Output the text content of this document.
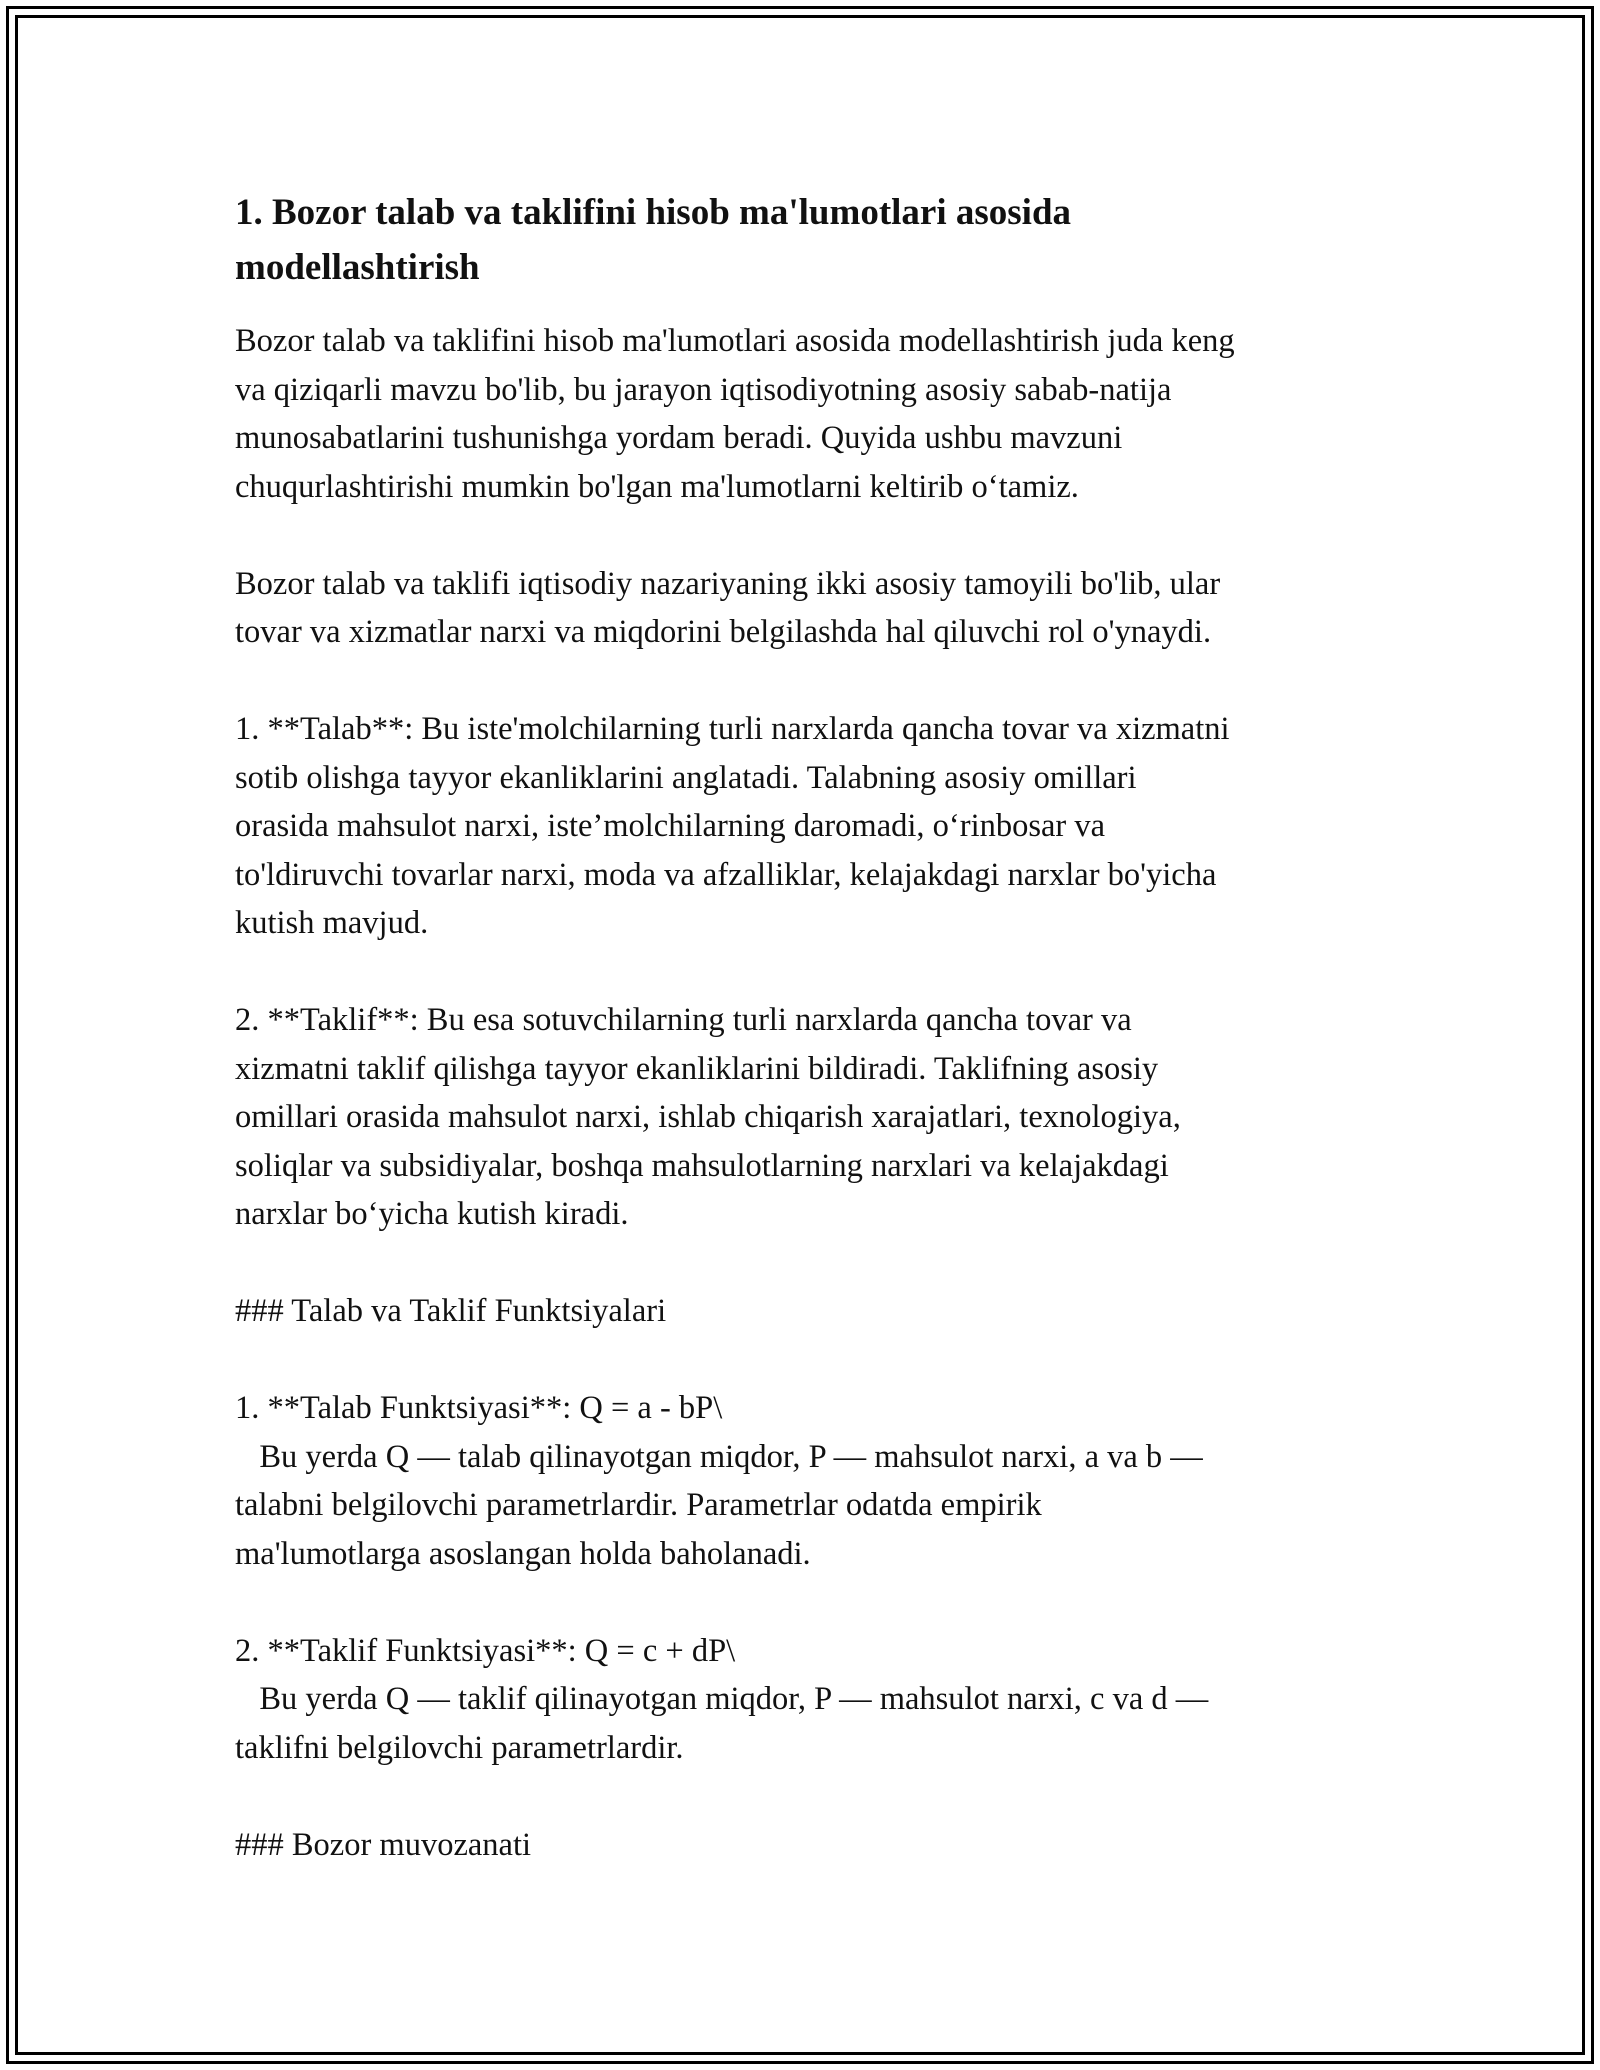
1. Bozor talab va taklifini hisob ma'lumotlari asosida
modellashtirish
Bozor talab va taklifini hisob ma'lumotlari asosida modellashtirish juda keng
va qiziqarli mavzu bo'lib, bu jarayon iqtisodiyotning asosiy sabab-natija
munosabatlarini tushunishga yordam beradi. Quyida ushbu mavzuni
chuqurlashtirishi mumkin bo'lgan ma'lumotlarni keltirib o‘tamiz.
Bozor talab va taklifi iqtisodiy nazariyaning ikki asosiy tamoyili bo'lib, ular
tovar va xizmatlar narxi va miqdorini belgilashda hal qiluvchi rol o'ynaydi.
1. **Talab**: Bu iste'molchilarning turli narxlarda qancha tovar va xizmatni
sotib olishga tayyor ekanliklarini anglatadi. Talabning asosiy omillari
orasida mahsulot narxi, iste’molchilarning daromadi, o‘rinbosar va
to'ldiruvchi tovarlar narxi, moda va afzalliklar, kelajakdagi narxlar bo'yicha
kutish mavjud.
2. **Taklif**: Bu esa sotuvchilarning turli narxlarda qancha tovar va
xizmatni taklif qilishga tayyor ekanliklarini bildiradi. Taklifning asosiy
omillari orasida mahsulot narxi, ishlab chiqarish xarajatlari, texnologiya,
soliqlar va subsidiyalar, boshqa mahsulotlarning narxlari va kelajakdagi
narxlar bo‘yicha kutish kiradi.
### Talab va Taklif Funktsiyalari
1. **Talab Funktsiyasi**: Q = a - bP\
Bu yerda Q — talab qilinayotgan miqdor, P — mahsulot narxi, a va b —
talabni belgilovchi parametrlardir. Parametrlar odatda empirik
ma'lumotlarga asoslangan holda baholanadi.
2. **Taklif Funktsiyasi**: Q = c + dP\
Bu yerda Q — taklif qilinayotgan miqdor, P — mahsulot narxi, c va d —
taklifni belgilovchi parametrlardir.
### Bozor muvozanati
